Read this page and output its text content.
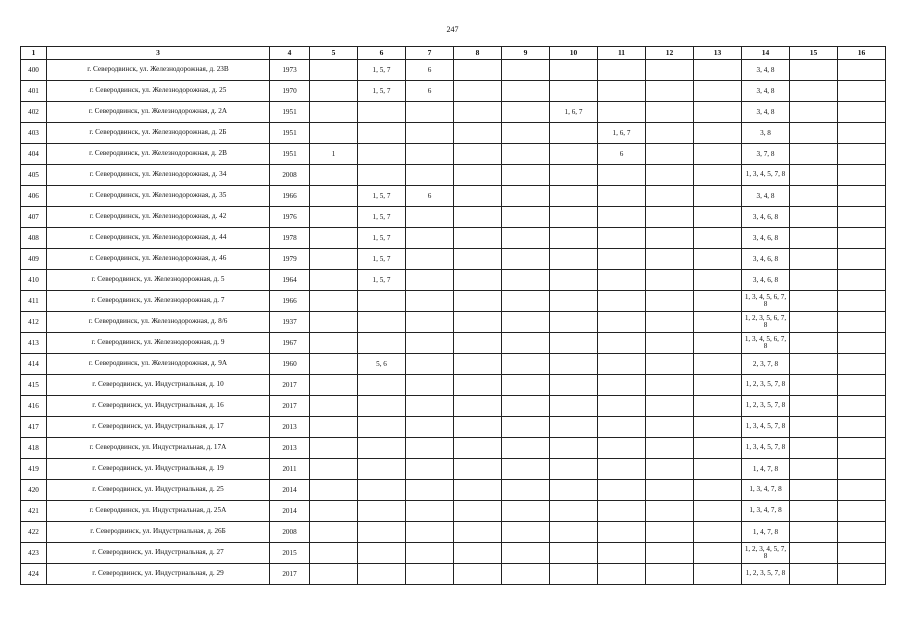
247
1	3	4	5	6	7	8	9	10	11	12	13	14	15	16
400	г. Северодвинск, ул. Железнодорожная, д. 23В	1973		1, 5, 7	6							3, 4, 8		
401	г. Северодвинск, ул. Железнодорожная, д. 25	1970		1, 5, 7	6							3, 4, 8		
402	г. Северодвинск, ул. Железнодорожная, д. 2А	1951						1, 6, 7				3, 4, 8		
403	г. Северодвинск, ул. Железнодорожная, д. 2Б	1951							1, 6, 7			3, 8		
404	г. Северодвинск, ул. Железнодорожная, д. 2В	1951	1						6			3, 7, 8		
405	г. Северодвинск, ул. Железнодорожная, д. 34	2008										1, 3, 4, 5, 7, 8		
406	г. Северодвинск, ул. Железнодорожная, д. 35	1966		1, 5, 7	6							3, 4, 8		
407	г. Северодвинск, ул. Железнодорожная, д. 42	1976		1, 5, 7								3, 4, 6, 8		
408	г. Северодвинск, ул. Железнодорожная, д. 44	1978		1, 5, 7								3, 4, 6, 8		
409	г. Северодвинск, ул. Железнодорожная, д. 46	1979		1, 5, 7								3, 4, 6, 8		
410	г. Северодвинск, ул. Железнодорожная, д. 5	1964		1, 5, 7								3, 4, 6, 8		
411	г. Северодвинск, ул. Железнодорожная, д. 7	1966										1, 3, 4, 5, 6, 7, 8		
412	г. Северодвинск, ул. Железнодорожная, д. 8/6	1937										1, 2, 3, 5, 6, 7, 8		
413	г. Северодвинск, ул. Железнодорожная, д. 9	1967										1, 3, 4, 5, 6, 7, 8		
414	г. Северодвинск, ул. Железнодорожная, д. 9А	1960		5, 6								2, 3, 7, 8		
415	г. Северодвинск, ул. Индустриальная, д. 10	2017										1, 2, 3, 5, 7, 8		
416	г. Северодвинск, ул. Индустриальная, д. 16	2017										1, 2, 3, 5, 7, 8		
417	г. Северодвинск, ул. Индустриальная, д. 17	2013										1, 3, 4, 5, 7, 8		
418	г. Северодвинск, ул. Индустриальная, д. 17А	2013										1, 3, 4, 5, 7, 8		
419	г. Северодвинск, ул. Индустриальная, д. 19	2011										1, 4, 7, 8		
420	г. Северодвинск, ул. Индустриальная, д. 25	2014										1, 3, 4, 7, 8		
421	г. Северодвинск, ул. Индустриальная, д. 25А	2014										1, 3, 4, 7, 8		
422	г. Северодвинск, ул. Индустриальная, д. 26Б	2008										1, 4, 7, 8		
423	г. Северодвинск, ул. Индустриальная, д. 27	2015										1, 2, 3, 4, 5, 7, 8		
424	г. Северодвинск, ул. Индустриальная, д. 29	2017										1, 2, 3, 5, 7, 8		
